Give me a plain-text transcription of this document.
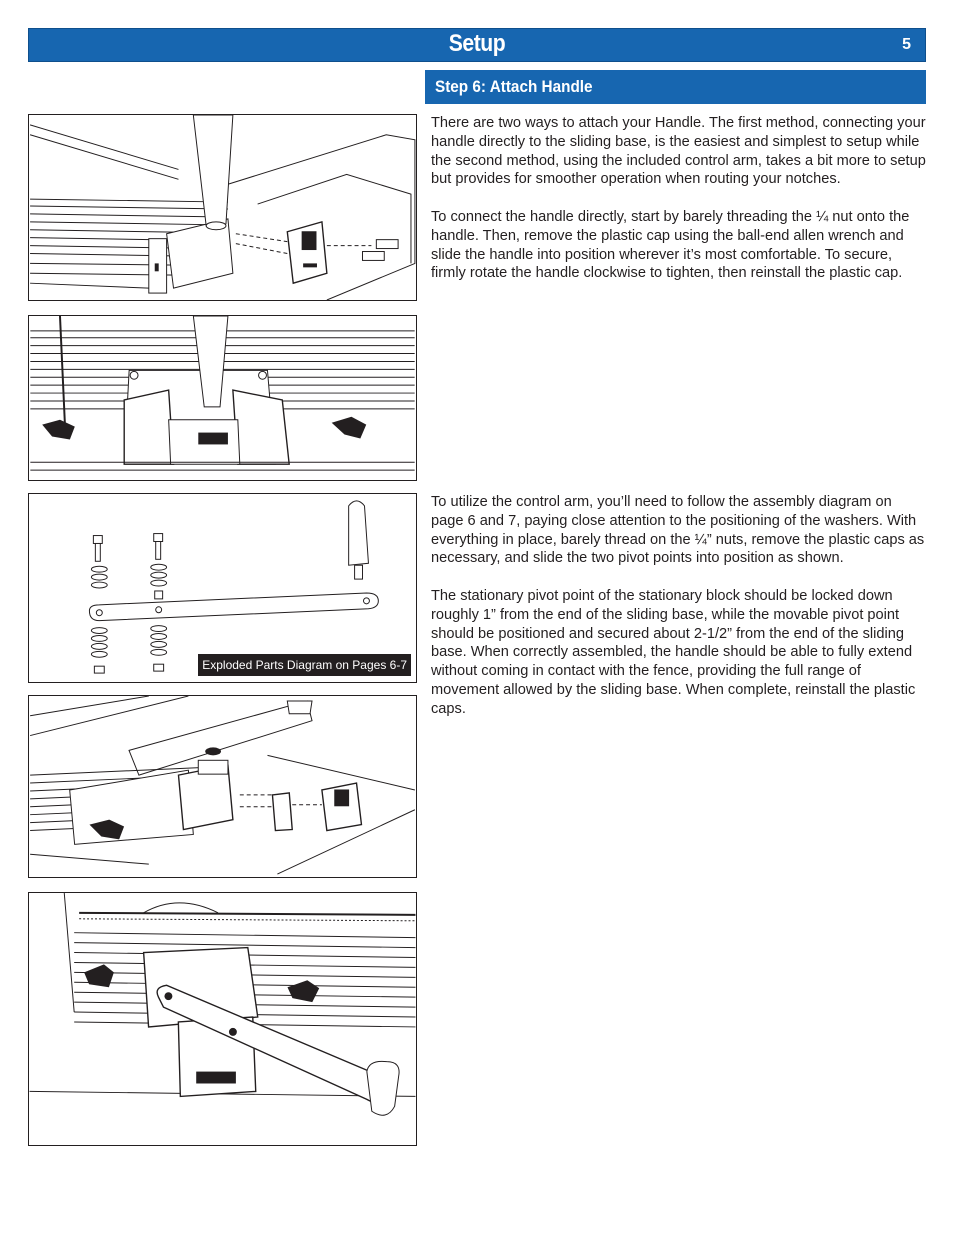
Setup	5
Step 6: Attach Handle

There are two ways to attach your Handle. The first method, connecting your handle directly to the sliding base, is the easiest and simplest to setup while the second method, using the included control arm, takes a bit more to setup but provides for smoother operation when routing your notches.

To connect the handle directly, start by barely threading the ¼ nut onto the handle. Then, remove the plastic cap using the ball-end allen wrench and slide the handle into position wherever it’s most comfortable. To secure, firmly rotate the handle clockwise to tighten, then reinstall the plastic cap.

To utilize the control arm, you’ll need to follow the assembly diagram on page 6 and 7, paying close attention to the positioning of the washers. With everything in place, barely thread on the ¼” nuts, remove the plastic caps as necessary, and slide the two pivot points into position as shown.

The stationary pivot point of the stationary block should be locked down roughly 1” from the end of the sliding base, while the movable pivot point should be positioned and secured about 2-1/2” from the end of the sliding base. When correctly assembled, the handle should be able to fully extend without coming in contact with the fence, providing the full range of movement allowed by the sliding base. When complete, reinstall the plastic caps.

Exploded Parts Diagram on Pages 6-7
